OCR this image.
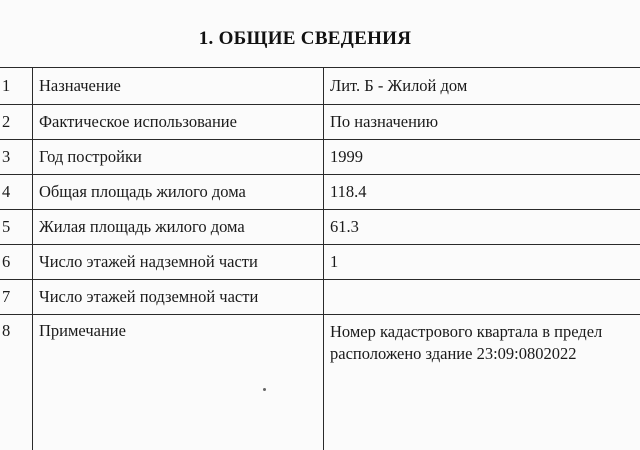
1. ОБЩИЕ СВЕДЕНИЯ
1	Назначение	Лит. Б - Жилой дом
2	Фактическое использование	По назначению
3	Год постройки	1999
4	Общая площадь жилого дома	118.4
5	Жилая площадь жилого дома	61.3
6	Число этажей надземной части	1
7	Число этажей подземной части	
8	Примечание	Номер кадастрового квартала в предел
расположено здание 23:09:0802022
